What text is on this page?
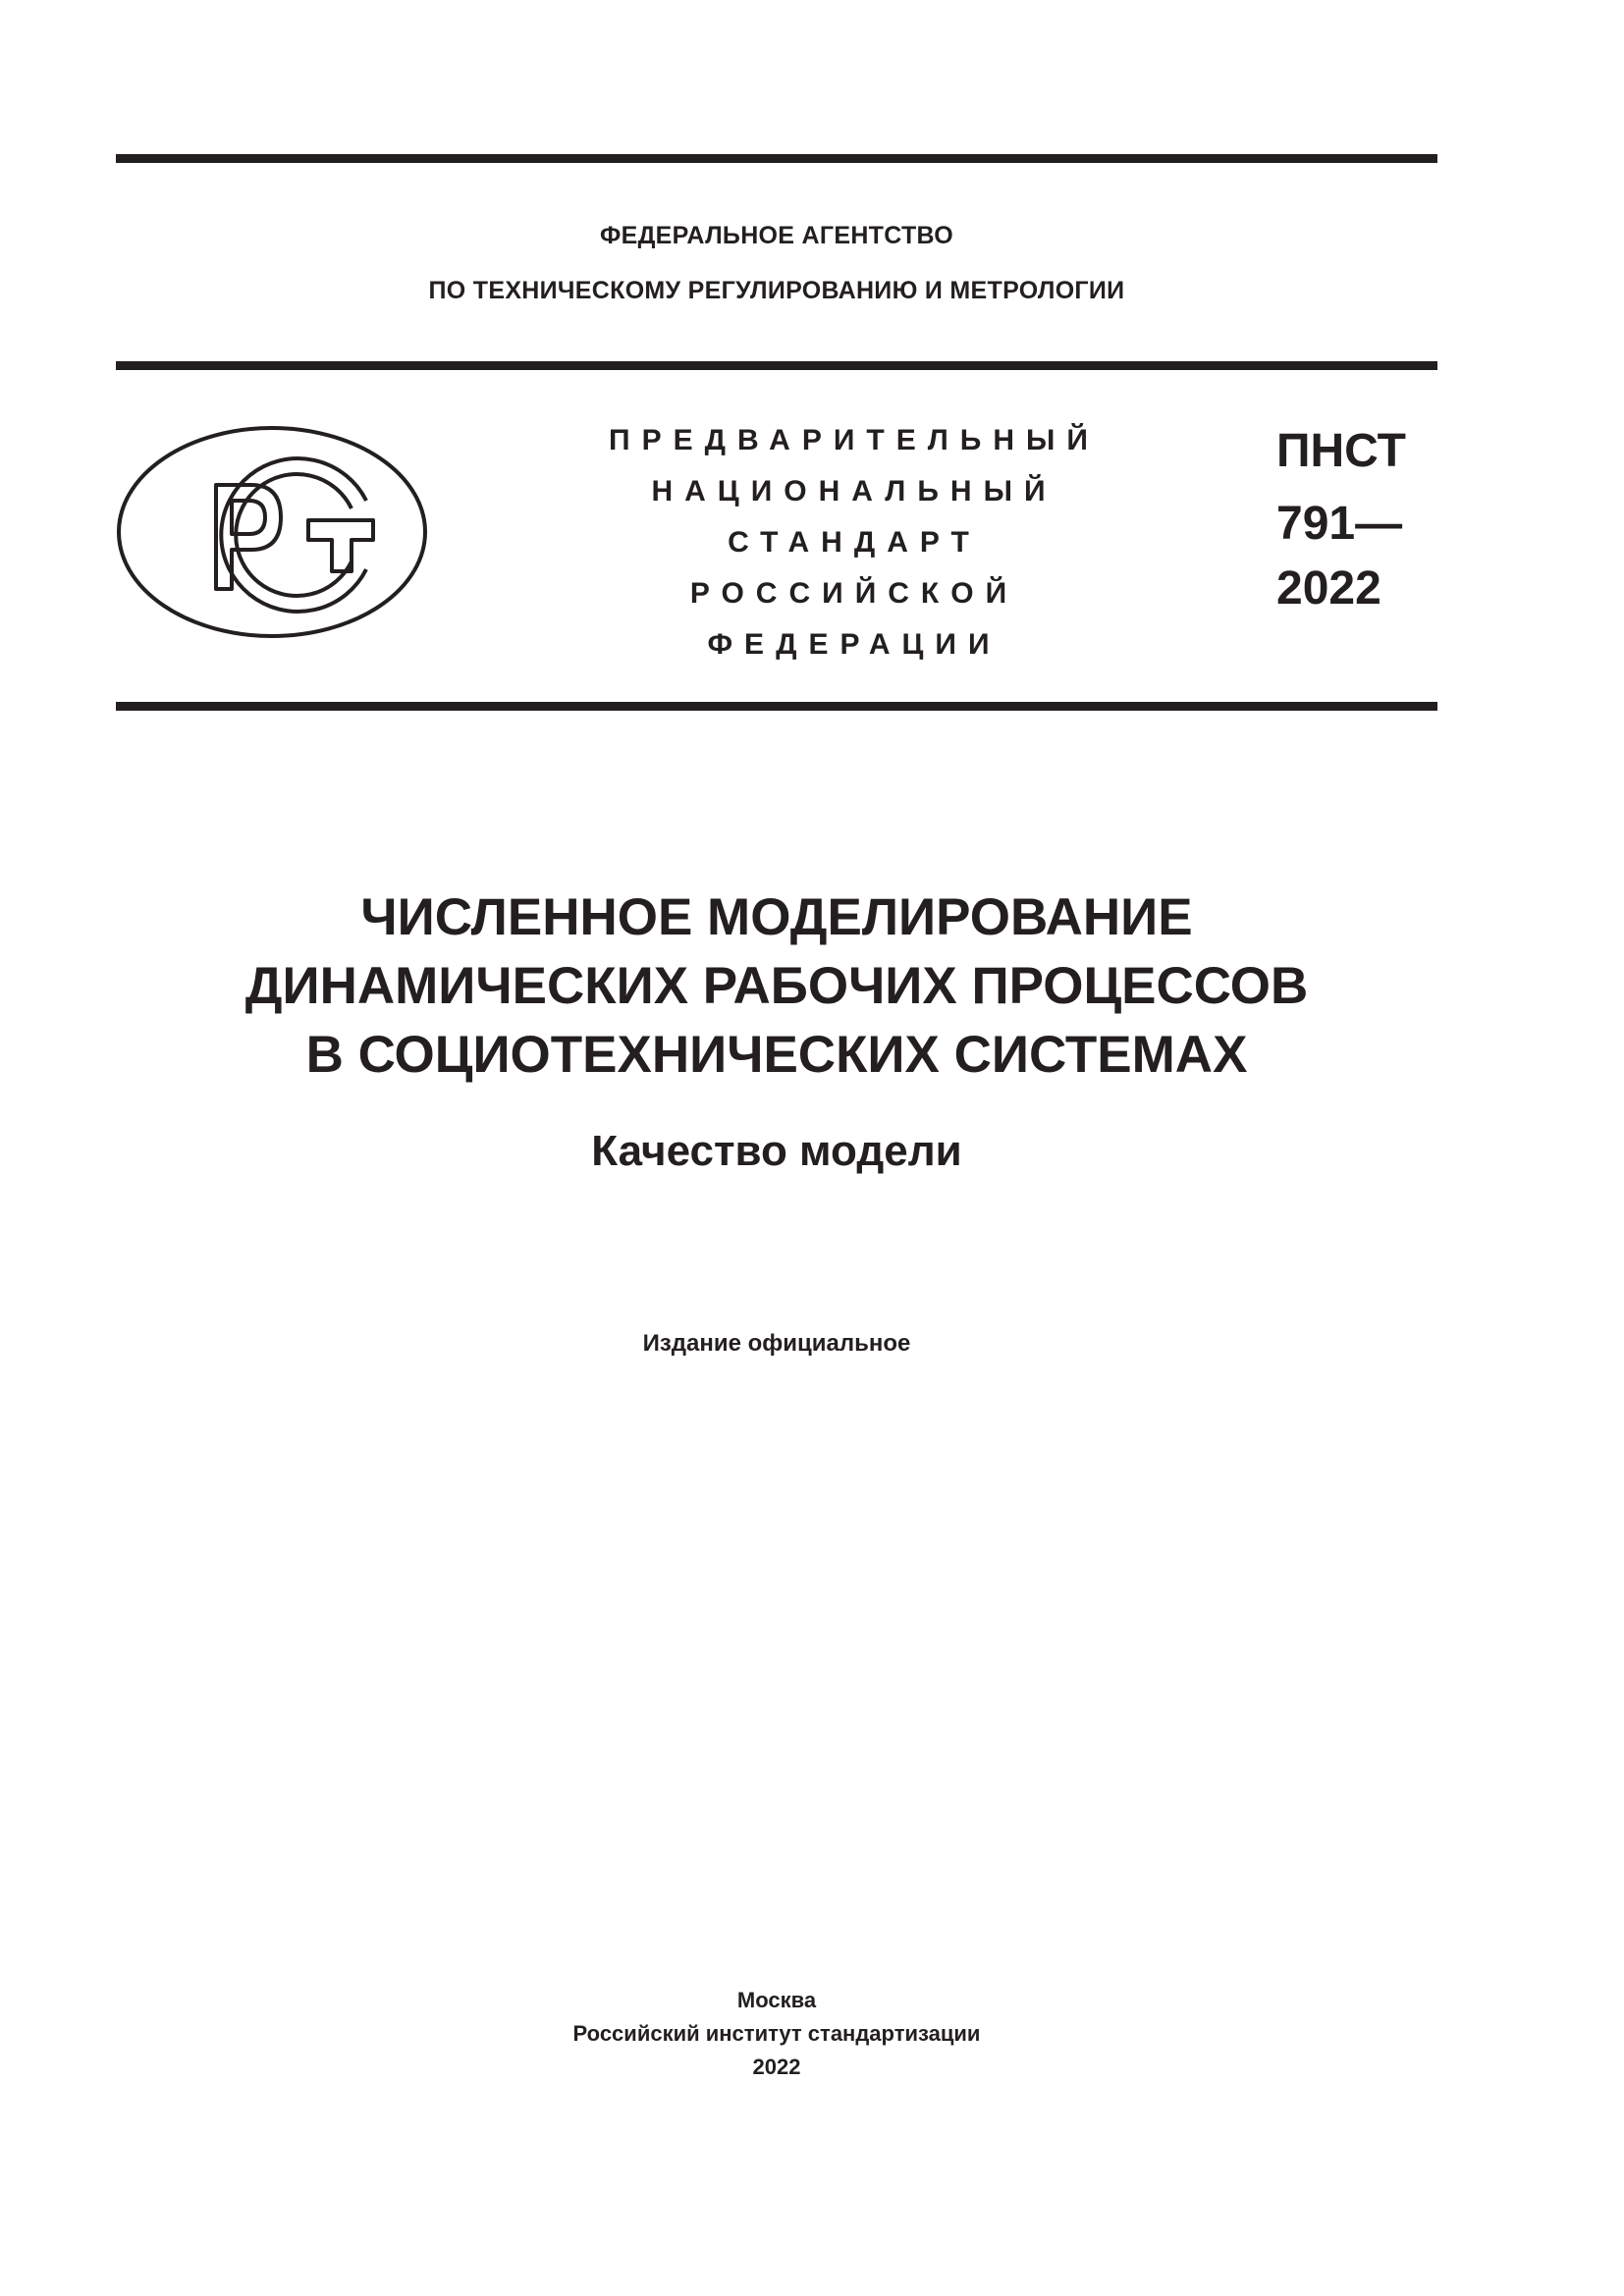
ФЕДЕРАЛЬНОЕ АГЕНТСТВО
ПО ТЕХНИЧЕСКОМУ РЕГУЛИРОВАНИЮ И МЕТРОЛОГИИ
ПРЕДВАРИТЕЛЬНЫЙ
НАЦИОНАЛЬНЫЙ
СТАНДАРТ
РОССИЙСКОЙ
ФЕДЕРАЦИИ
ПНСТ
791—
2022
ЧИСЛЕННОЕ МОДЕЛИРОВАНИЕ
ДИНАМИЧЕСКИХ РАБОЧИХ ПРОЦЕССОВ
В СОЦИОТЕХНИЧЕСКИХ СИСТЕМАХ
Качество модели
Издание официальное
Москва
Российский институт стандартизации
2022
